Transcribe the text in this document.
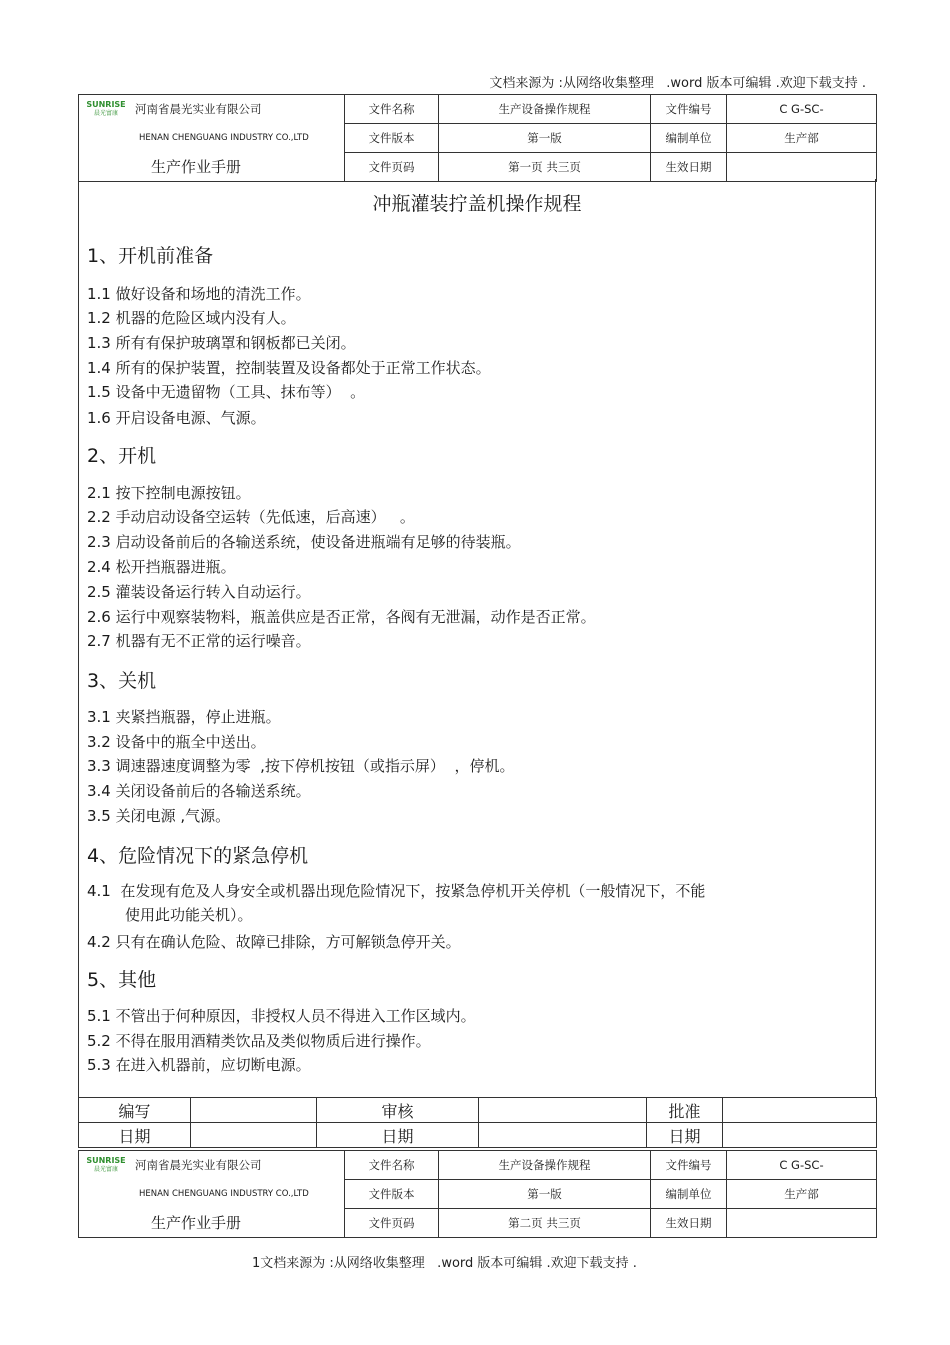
文档来源为 :从网络收集整理   .word 版本可编辑 .欢迎下载支持 .
SUNRISE
晨光富康 河南省晨光实业有限公司	文件名称	生产设备操作规程	文件编号	C G-SC-

HENAN CHENGUANG INDUSTRY CO.,LTD	文件版本	第一版	编制单位	生产部

生产作业手册	文件页码	第一页 共三页	生效日期	
冲瓶灌装拧盖机操作规程
1、开机前准备
1.1 做好设备和场地的清洗工作。
1.2 机器的危险区域内没有人。
1.3 所有有保护玻璃罩和钢板都已关闭。
1.4 所有的保护装置，控制装置及设备都处于正常工作状态。
1.5 设备中无遗留物（工具、抹布等）  。
1.6 开启设备电源、气源。
2、开机
2.1 按下控制电源按钮。
2.2 手动启动设备空运转（先低速，后高速）   。
2.3 启动设备前后的各输送系统，使设备进瓶端有足够的待装瓶。
2.4 松开挡瓶器进瓶。
2.5 灌装设备运行转入自动运行。
2.6 运行中观察装物料，瓶盖供应是否正常，各阀有无泄漏，动作是否正常。
2.7 机器有无不正常的运行噪音。
3、关机
3.1 夹紧挡瓶器，停止进瓶。
3.2 设备中的瓶全中送出。
3.3 调速器速度调整为零  ,按下停机按钮（或指示屏）  ，停机。
3.4 关闭设备前后的各输送系统。
3.5 关闭电源 ,气源。
4、危险情况下的紧急停机
4.1  在发现有危及人身安全或机器出现危险情况下，按紧急停机开关停机（一般情况下，不能
使用此功能关机）。
4.2 只有在确认危险、故障已排除，方可解锁急停开关。
5、其他
5.1 不管出于何种原因，非授权人员不得进入工作区域内。
5.2 不得在服用酒精类饮品及类似物质后进行操作。
5.3 在进入机器前，应切断电源。
编写		审核		批准	
日期		日期		日期	
SUNRISE
晨光富康 河南省晨光实业有限公司	文件名称	生产设备操作规程	文件编号	C G-SC-

HENAN CHENGUANG INDUSTRY CO.,LTD	文件版本	第一版	编制单位	生产部

生产作业手册	文件页码	第二页 共三页	生效日期	
1文档来源为 :从网络收集整理   .word 版本可编辑 .欢迎下载支持 .
